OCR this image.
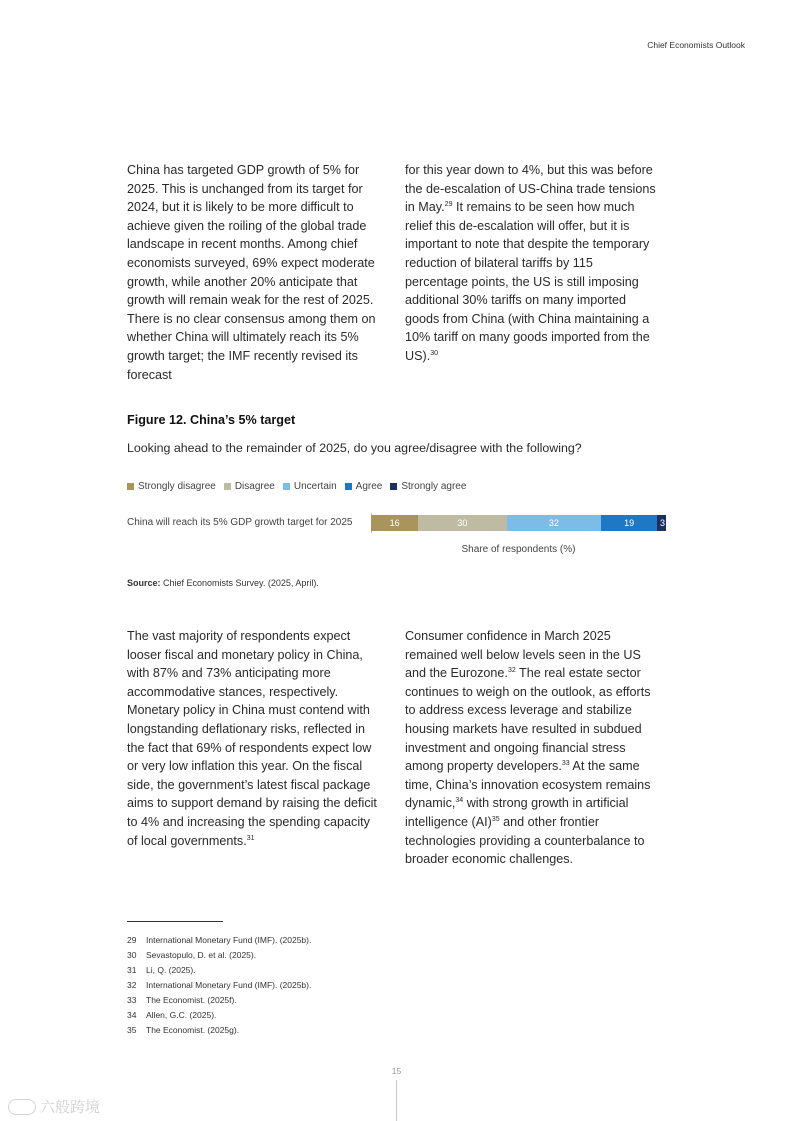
Chief Economists Outlook

China has targeted GDP growth of 5% for 2025. This is unchanged from its target for 2024, but it is likely to be more difficult to achieve given the roiling of the global trade landscape in recent months. Among chief economists surveyed, 69% expect moderate growth, while another 20% anticipate that growth will remain weak for the rest of 2025. There is no clear consensus among them on whether China will ultimately reach its 5% growth target; the IMF recently revised its forecast

for this year down to 4%, but this was before the de-escalation of US-China trade tensions in May.$^{29}$ It remains to be seen how much relief this de-escalation will offer, but it is important to note that despite the temporary reduction of bilateral tariffs by 115 percentage points, the US is still imposing additional 30% tariffs on many imported goods from China (with China maintaining a 10% tariff on many goods imported from the US).$^{30}$

Figure 12. China’s 5% target
Looking ahead to the remainder of 2025, do you agree/disagree with the following?
Strongly disagree Disagree Uncertain Agree Strongly agree
China will reach its 5% GDP growth target for 2025	16	30	32	19	3
Share of respondents (%)
Source: Chief Economists Survey. (2025, April).

The vast majority of respondents expect looser fiscal and monetary policy in China, with 87% and 73% anticipating more accommodative stances, respectively. Monetary policy in China must contend with longstanding deflationary risks, reflected in the fact that 69% of respondents expect low or very low inflation this year. On the fiscal side, the government’s latest fiscal package aims to support demand by raising the deficit to 4% and increasing the spending capacity of local governments.$^{31}$

Consumer confidence in March 2025 remained well below levels seen in the US and the Eurozone.$^{32}$ The real estate sector continues to weigh on the outlook, as efforts to address excess leverage and stabilize housing markets have resulted in subdued investment and ongoing financial stress among property developers.$^{33}$ At the same time, China’s innovation ecosystem remains dynamic,$^{34}$ with strong growth in artificial intelligence (AI)$^{35}$ and other frontier technologies providing a counterbalance to broader economic challenges.

29	International Monetary Fund (IMF). (2025b).
30	Sevastopulo, D. et al. (2025).
31	Li, Q. (2025).
32	International Monetary Fund (IMF). (2025b).
33	The Economist. (2025f).
34	Allen, G.C. (2025).
35	The Economist. (2025g).
15
六般跨境
